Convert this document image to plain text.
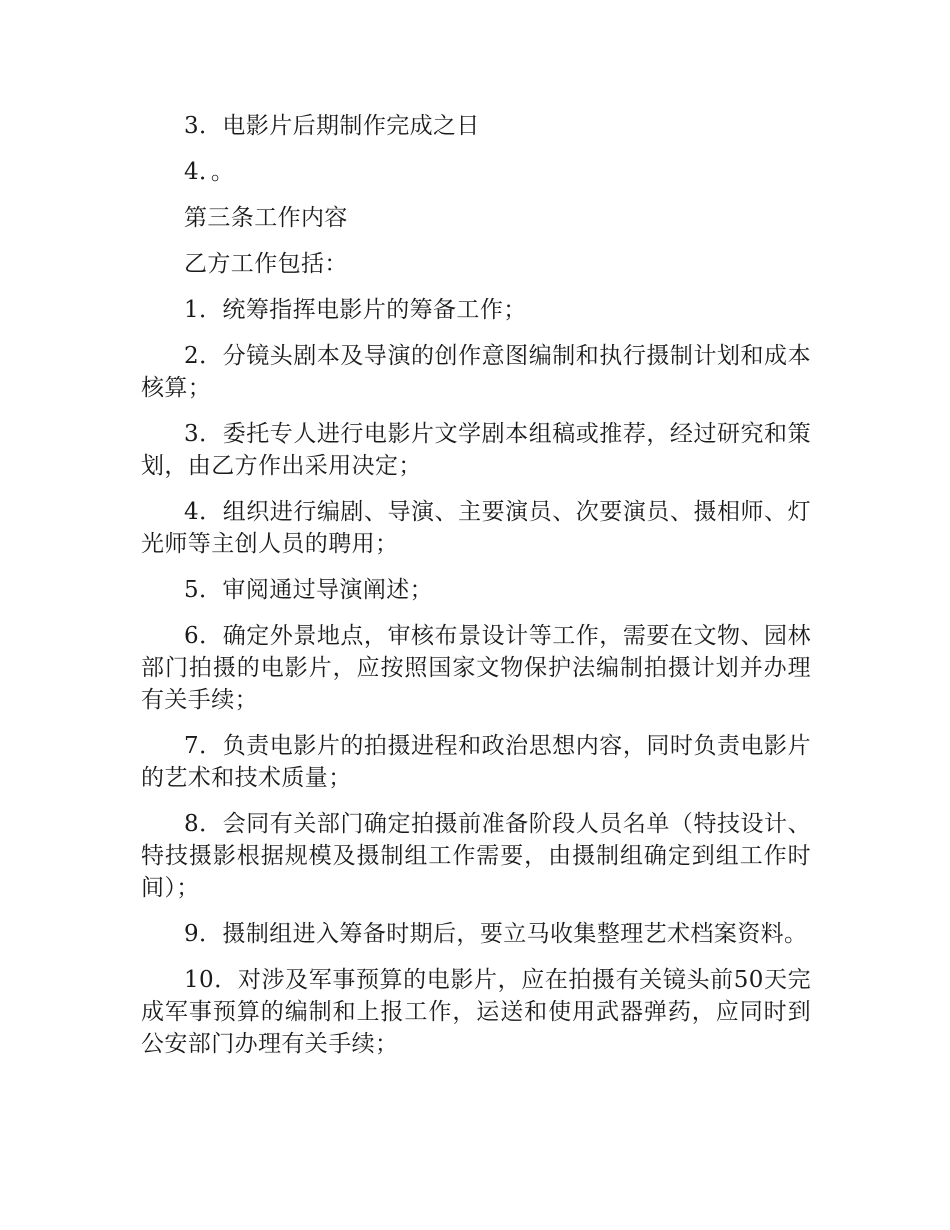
3．电影片后期制作完成之日

4．。

第三条工作内容

乙方工作包括：

1．统筹指挥电影片的筹备工作；

2．分镜头剧本及导演的创作意图编制和执行摄制计划和成本核算；

3．委托专人进行电影片文学剧本组稿或推荐，经过研究和策划，由乙方作出采用决定；

4．组织进行编剧、导演、主要演员、次要演员、摄相师、灯光师等主创人员的聘用；

5．审阅通过导演阐述；

6．确定外景地点，审核布景设计等工作，需要在文物、园林部门拍摄的电影片，应按照国家文物保护法编制拍摄计划并办理有关手续；

7．负责电影片的拍摄进程和政治思想内容，同时负责电影片的艺术和技术质量；

8．会同有关部门确定拍摄前准备阶段人员名单（特技设计、特技摄影根据规模及摄制组工作需要，由摄制组确定到组工作时间）；

9．摄制组进入筹备时期后，要立马收集整理艺术档案资料。

10．对涉及军事预算的电影片，应在拍摄有关镜头前50天完成军事预算的编制和上报工作，运送和使用武器弹药，应同时到公安部门办理有关手续；
